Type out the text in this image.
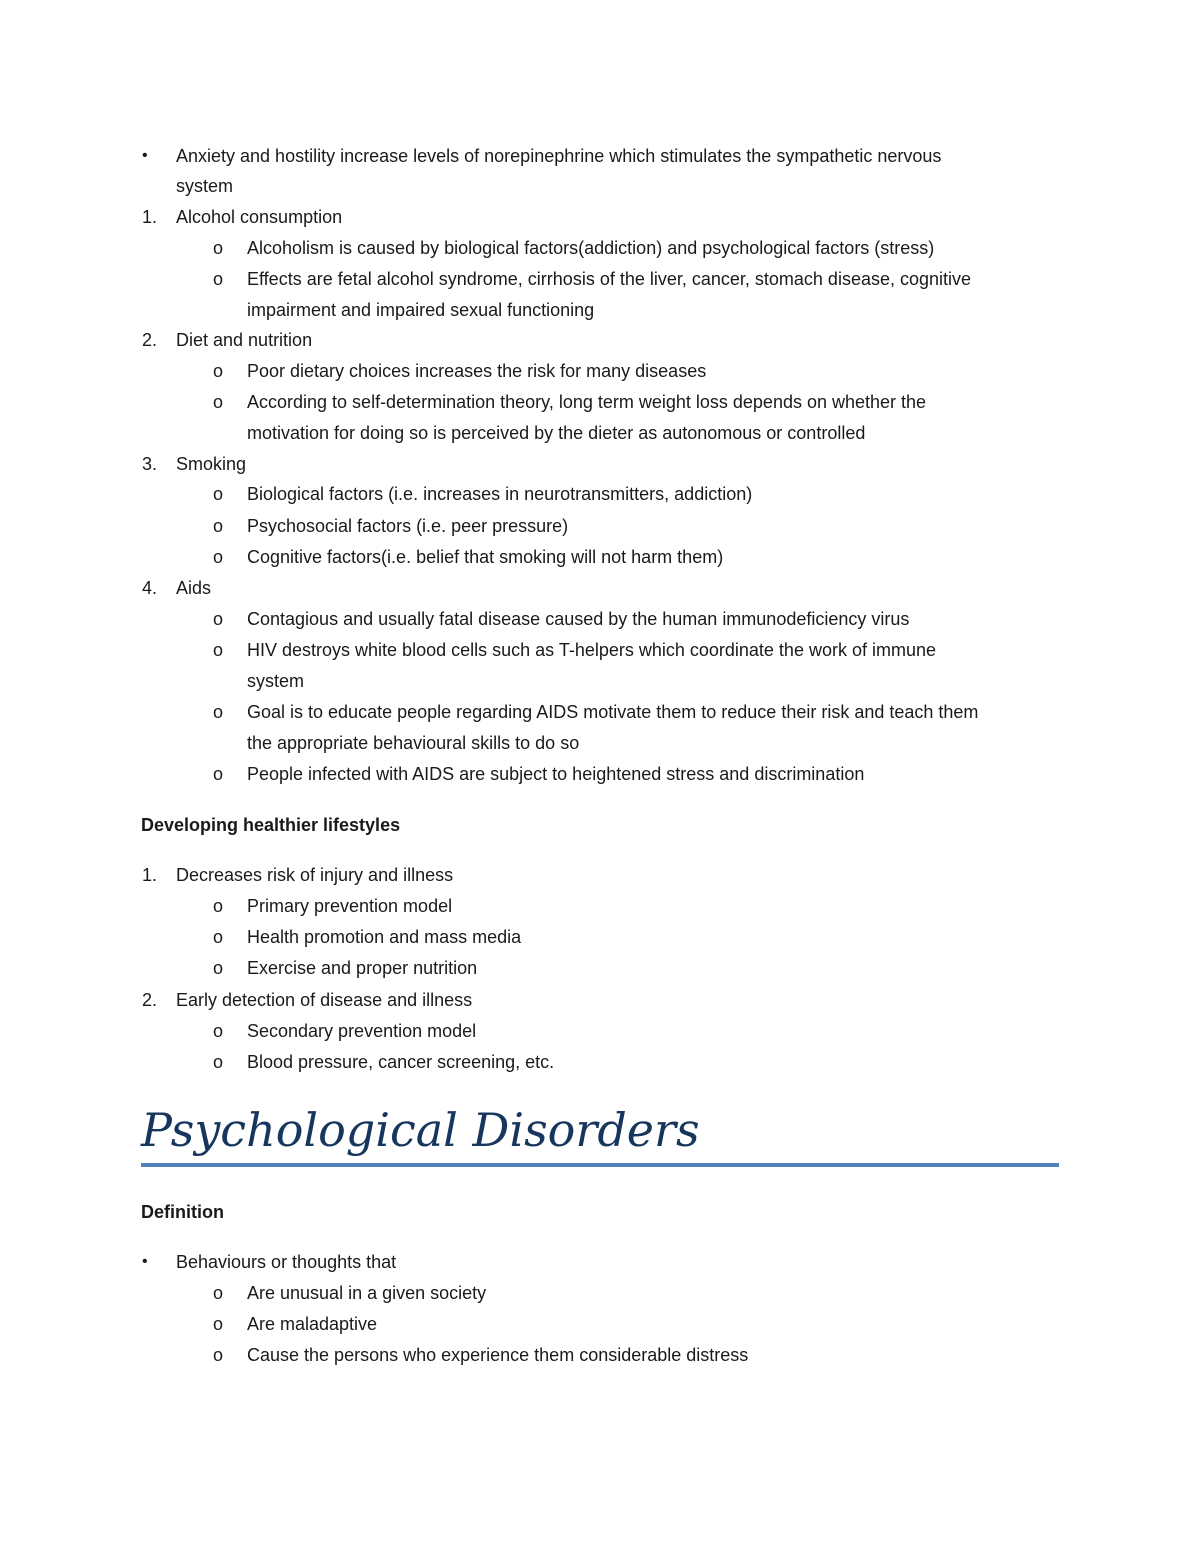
• Anxiety and hostility increase levels of norepinephrine which stimulates the sympathetic nervous
system
1. Alcohol consumption
o Alcoholism is caused by biological factors(addiction) and psychological factors (stress)
o Effects are fetal alcohol syndrome, cirrhosis of the liver, cancer, stomach disease, cognitive
impairment and impaired sexual functioning
2. Diet and nutrition
o Poor dietary choices increases the risk for many diseases
o According to self-determination theory, long term weight loss depends on whether the
motivation for doing so is perceived by the dieter as autonomous or controlled
3. Smoking
o Biological factors (i.e. increases in neurotransmitters, addiction)
o Psychosocial factors (i.e. peer pressure)
o Cognitive factors(i.e. belief that smoking will not harm them)
4. Aids
o Contagious and usually fatal disease caused by the human immunodeficiency virus
o HIV destroys white blood cells such as T-helpers which coordinate the work of immune
system
o Goal is to educate people regarding AIDS motivate them to reduce their risk and teach them
the appropriate behavioural skills to do so
o People infected with AIDS are subject to heightened stress and discrimination
Developing healthier lifestyles
1. Decreases risk of injury and illness
o Primary prevention model
o Health promotion and mass media
o Exercise and proper nutrition
2. Early detection of disease and illness
o Secondary prevention model
o Blood pressure, cancer screening, etc.
Psychological Disorders
Definition
• Behaviours or thoughts that
o Are unusual in a given society
o Are maladaptive
o Cause the persons who experience them considerable distress
